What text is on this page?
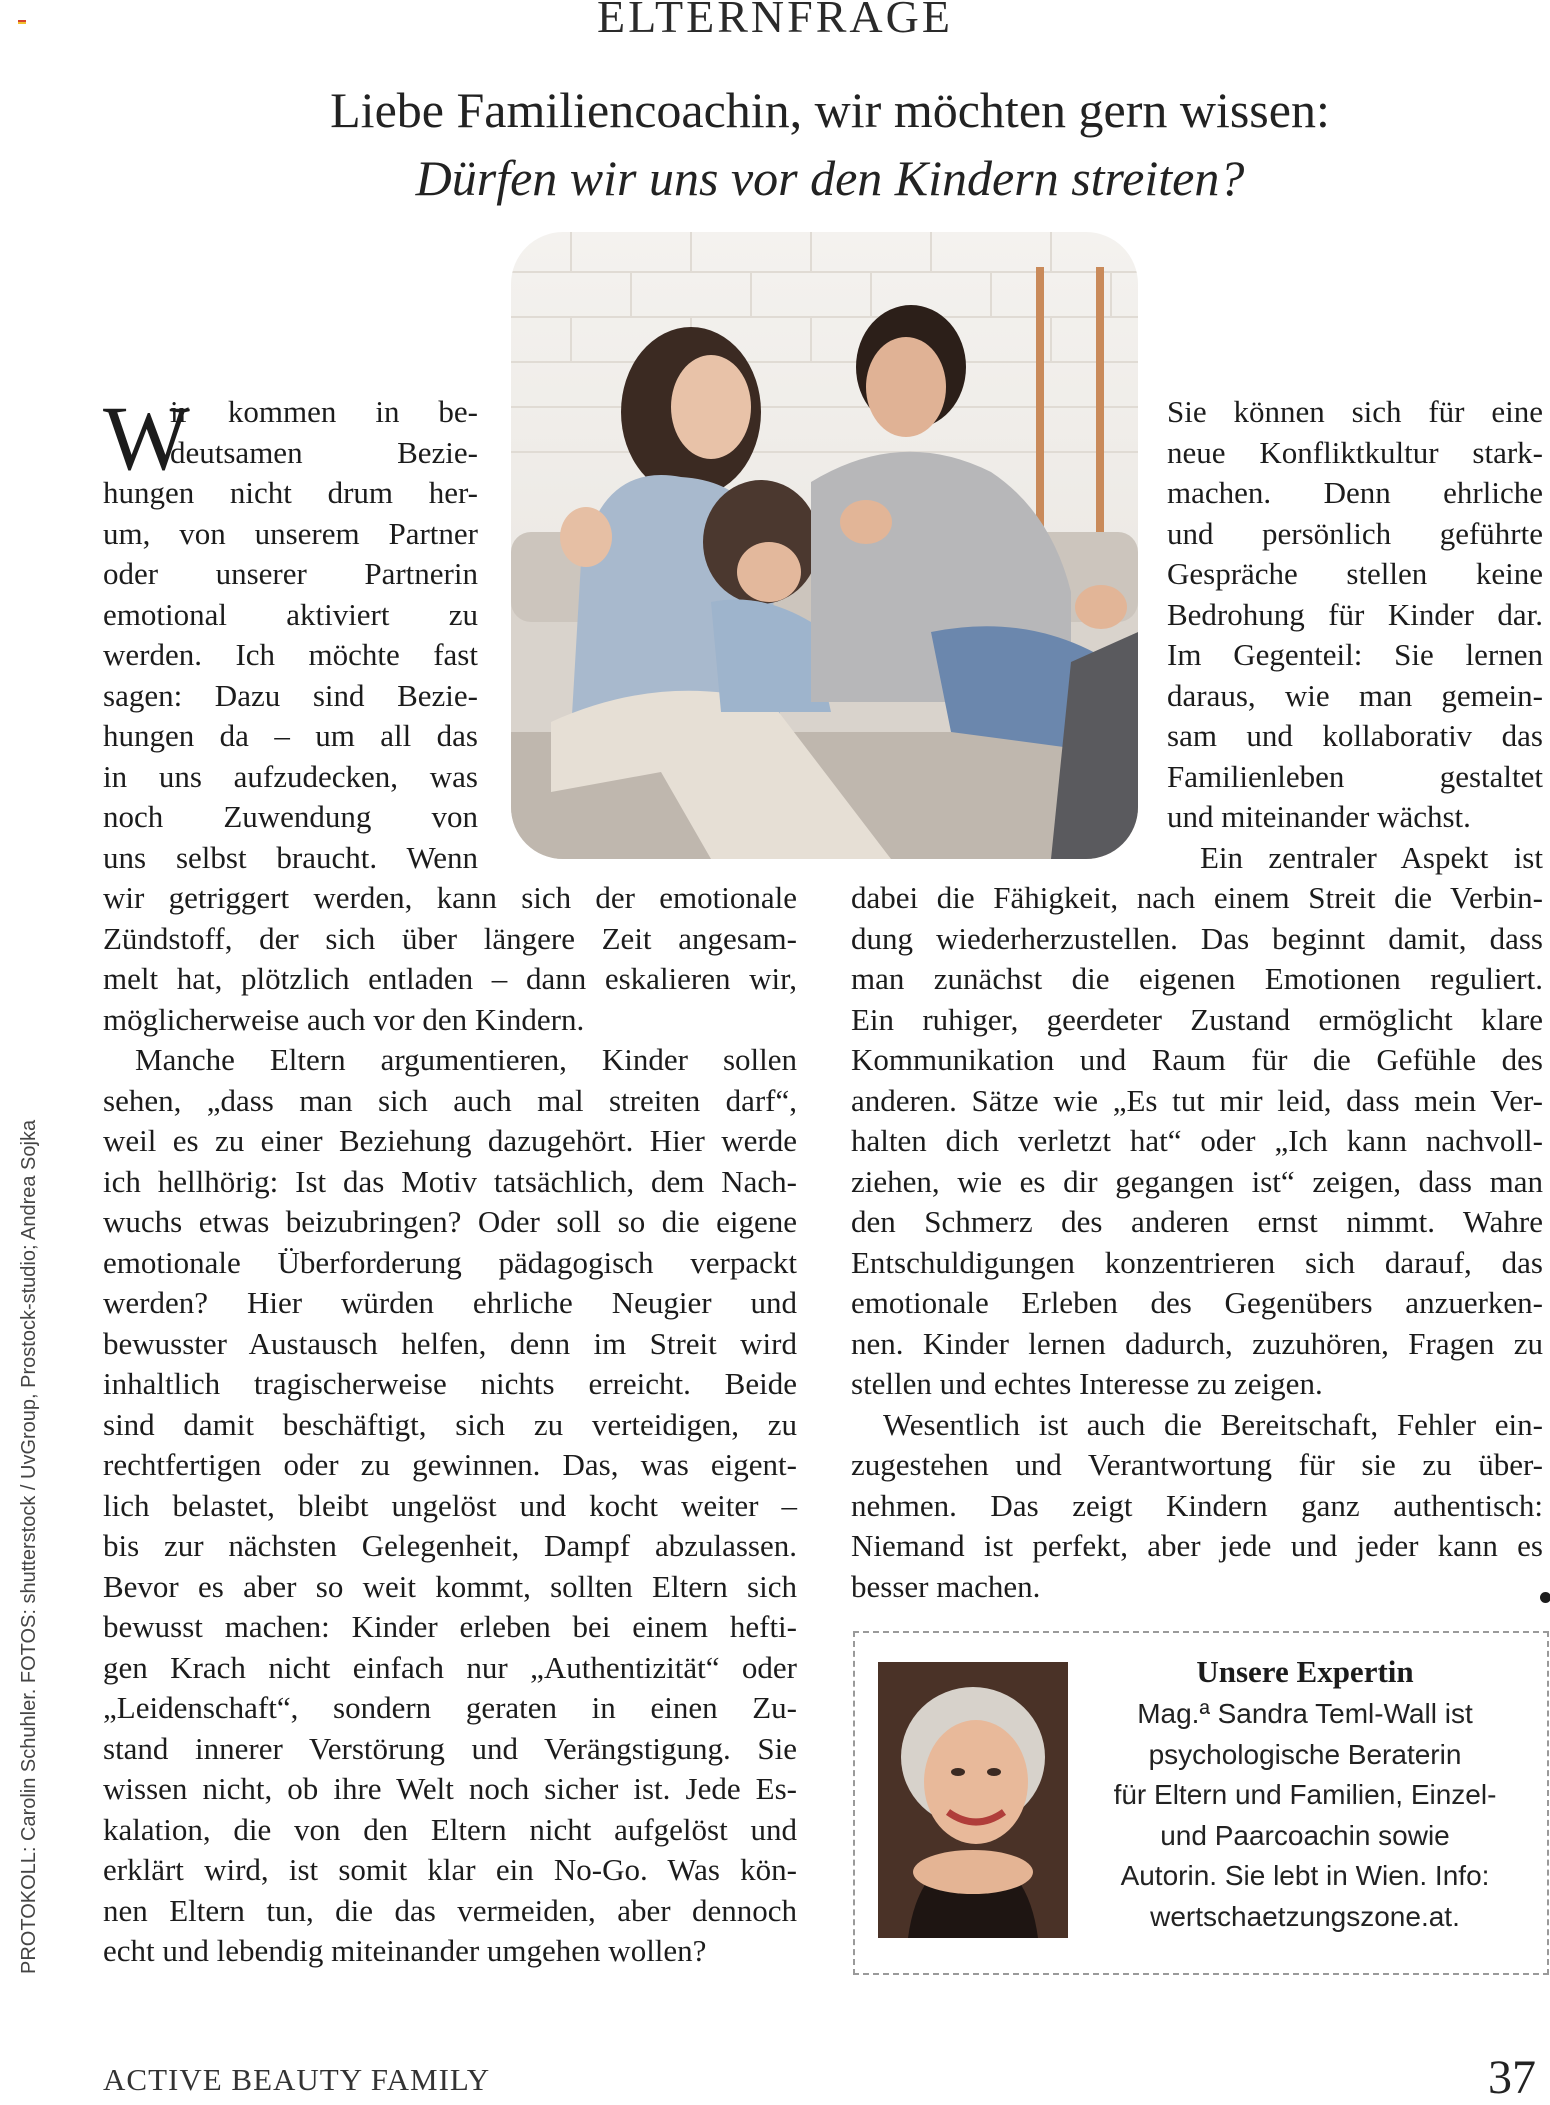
ELTERNFRAGE
Liebe Familiencoachin, wir möchten gern wissen:
Dürfen wir uns vor den Kindern streiten?
PROTOKOLL: Carolin Schuhler. FOTOS: shutterstock / UvGroup, Prostock-studio; Andrea Sojka
W
ir kommen in be-
deutsamen Bezie-
hungen nicht drum her-
um, von unserem Partner
oder unserer Partnerin
emotional aktiviert zu
werden. Ich möchte fast
sagen: Dazu sind Bezie-
hungen da – um all das
in uns aufzudecken, was
noch Zuwendung von
uns selbst braucht. Wenn
wir getriggert werden, kann sich der emotionale
Zündstoff, der sich über längere Zeit angesam-
melt hat, plötzlich entladen – dann eskalieren wir,
möglicherweise auch vor den Kindern.
Manche Eltern argumentieren, Kinder sollen
sehen, „dass man sich auch mal streiten darf“,
weil es zu einer Beziehung dazugehört. Hier werde
ich hellhörig: Ist das Motiv tatsächlich, dem Nach-
wuchs etwas beizubringen? Oder soll so die eigene
emotionale Überforderung pädagogisch verpackt
werden? Hier würden ehrliche Neugier und
bewusster Austausch helfen, denn im Streit wird
inhaltlich tragischerweise nichts erreicht. Beide
sind damit beschäftigt, sich zu verteidigen, zu
rechtfertigen oder zu gewinnen. Das, was eigent-
lich belastet, bleibt ungelöst und kocht weiter –
bis zur nächsten Gelegenheit, Dampf abzulassen.
Bevor es aber so weit kommt, sollten Eltern sich
bewusst machen: Kinder erleben bei einem hefti-
gen Krach nicht einfach nur „Authentizität“ oder
„Leidenschaft“, sondern geraten in einen Zu-
stand innerer Verstörung und Verängstigung. Sie
wissen nicht, ob ihre Welt noch sicher ist. Jede Es-
kalation, die von den Eltern nicht aufgelöst und
erklärt wird, ist somit klar ein No-Go. Was kön-
nen Eltern tun, die das vermeiden, aber dennoch
echt und lebendig miteinander umgehen wollen?
Sie können sich für eine
neue Konfliktkultur stark-
machen. Denn ehrliche
und persönlich geführte
Gespräche stellen keine
Bedrohung für Kinder dar.
Im Gegenteil: Sie lernen
daraus, wie man gemein-
sam und kollaborativ das
Familienleben gestaltet
und miteinander wächst.
Ein zentraler Aspekt ist
dabei die Fähigkeit, nach einem Streit die Verbin-
dung wiederherzustellen. Das beginnt damit, dass
man zunächst die eigenen Emotionen reguliert.
Ein ruhiger, geerdeter Zustand ermöglicht klare
Kommunikation und Raum für die Gefühle des
anderen. Sätze wie „Es tut mir leid, dass mein Ver-
halten dich verletzt hat“ oder „Ich kann nachvoll-
ziehen, wie es dir gegangen ist“ zeigen, dass man
den Schmerz des anderen ernst nimmt. Wahre
Entschuldigungen konzentrieren sich darauf, das
emotionale Erleben des Gegenübers anzuerken-
nen. Kinder lernen dadurch, zuzuhören, Fragen zu
stellen und echtes Interesse zu zeigen.
Wesentlich ist auch die Bereitschaft, Fehler ein-
zugestehen und Verantwortung für sie zu über-
nehmen. Das zeigt Kindern ganz authentisch:
Niemand ist perfekt, aber jede und jeder kann es
besser machen.
Unsere Expertin
Mag.ª Sandra Teml-Wall ist
psychologische Beraterin
für Eltern und Familien, Einzel-
und Paarcoachin sowie
Autorin. Sie lebt in Wien. Info:
wertschaetzungszone.at.
ACTIVE BEAUTY FAMILY	37
